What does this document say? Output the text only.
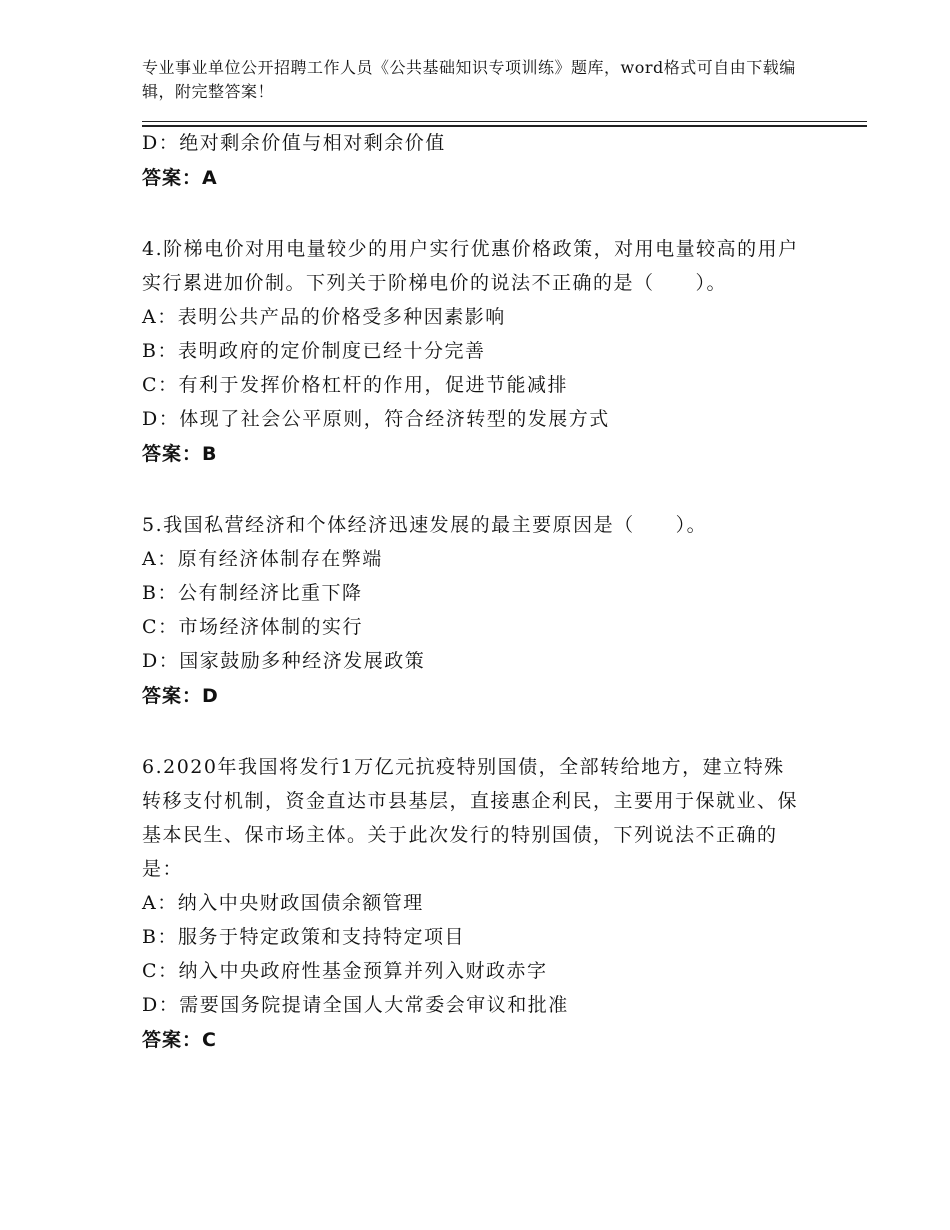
专业事业单位公开招聘工作人员《公共基础知识专项训练》题库，word格式可自由下载编辑，附完整答案！
D：绝对剩余价值与相对剩余价值
答案：A
4.阶梯电价对用电量较少的用户实行优惠价格政策，对用电量较高的用户实行累进加价制。下列关于阶梯电价的说法不正确的是（　　）。
A：表明公共产品的价格受多种因素影响
B：表明政府的定价制度已经十分完善
C：有利于发挥价格杠杆的作用，促进节能减排
D：体现了社会公平原则，符合经济转型的发展方式
答案：B
5.我国私营经济和个体经济迅速发展的最主要原因是（　　）。
A：原有经济体制存在弊端
B：公有制经济比重下降
C：市场经济体制的实行
D：国家鼓励多种经济发展政策
答案：D
6.2020年我国将发行1万亿元抗疫特别国债，全部转给地方，建立特殊转移支付机制，资金直达市县基层，直接惠企利民，主要用于保就业、保基本民生、保市场主体。关于此次发行的特别国债，下列说法不正确的是：
A：纳入中央财政国债余额管理
B：服务于特定政策和支持特定项目
C：纳入中央政府性基金预算并列入财政赤字
D：需要国务院提请全国人大常委会审议和批准
答案：C
